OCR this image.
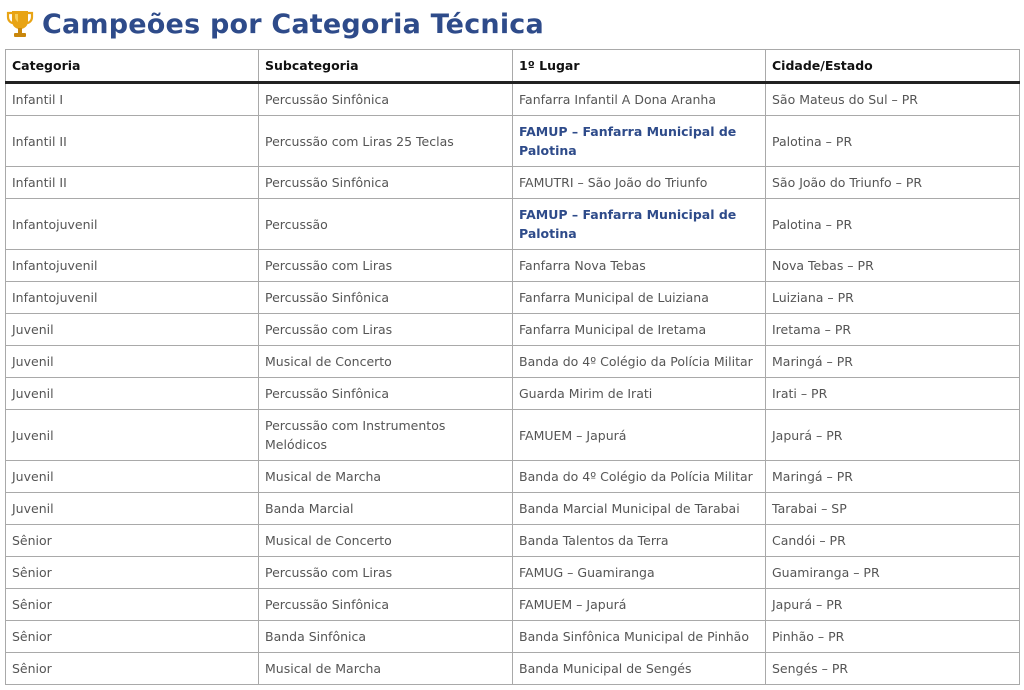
Campeões por Categoria Técnica
Categoria	Subcategoria	1º Lugar	Cidade/Estado
Infantil I	Percussão Sinfônica	Fanfarra Infantil A Dona Aranha	São Mateus do Sul – PR
Infantil II	Percussão com Liras 25 Teclas	FAMUP – Fanfarra Municipal de Palotina	Palotina – PR
Infantil II	Percussão Sinfônica	FAMUTRI – São João do Triunfo	São João do Triunfo – PR
Infantojuvenil	Percussão	FAMUP – Fanfarra Municipal de Palotina	Palotina – PR
Infantojuvenil	Percussão com Liras	Fanfarra Nova Tebas	Nova Tebas – PR
Infantojuvenil	Percussão Sinfônica	Fanfarra Municipal de Luiziana	Luiziana – PR
Juvenil	Percussão com Liras	Fanfarra Municipal de Iretama	Iretama – PR
Juvenil	Musical de Concerto	Banda do 4º Colégio da Polícia Militar	Maringá – PR
Juvenil	Percussão Sinfônica	Guarda Mirim de Irati	Irati – PR
Juvenil	Percussão com Instrumentos Melódicos	FAMUEM – Japurá	Japurá – PR
Juvenil	Musical de Marcha	Banda do 4º Colégio da Polícia Militar	Maringá – PR
Juvenil	Banda Marcial	Banda Marcial Municipal de Tarabai	Tarabai – SP
Sênior	Musical de Concerto	Banda Talentos da Terra	Candói – PR
Sênior	Percussão com Liras	FAMUG – Guamiranga	Guamiranga – PR
Sênior	Percussão Sinfônica	FAMUEM – Japurá	Japurá – PR
Sênior	Banda Sinfônica	Banda Sinfônica Municipal de Pinhão	Pinhão – PR
Sênior	Musical de Marcha	Banda Municipal de Sengés	Sengés – PR
